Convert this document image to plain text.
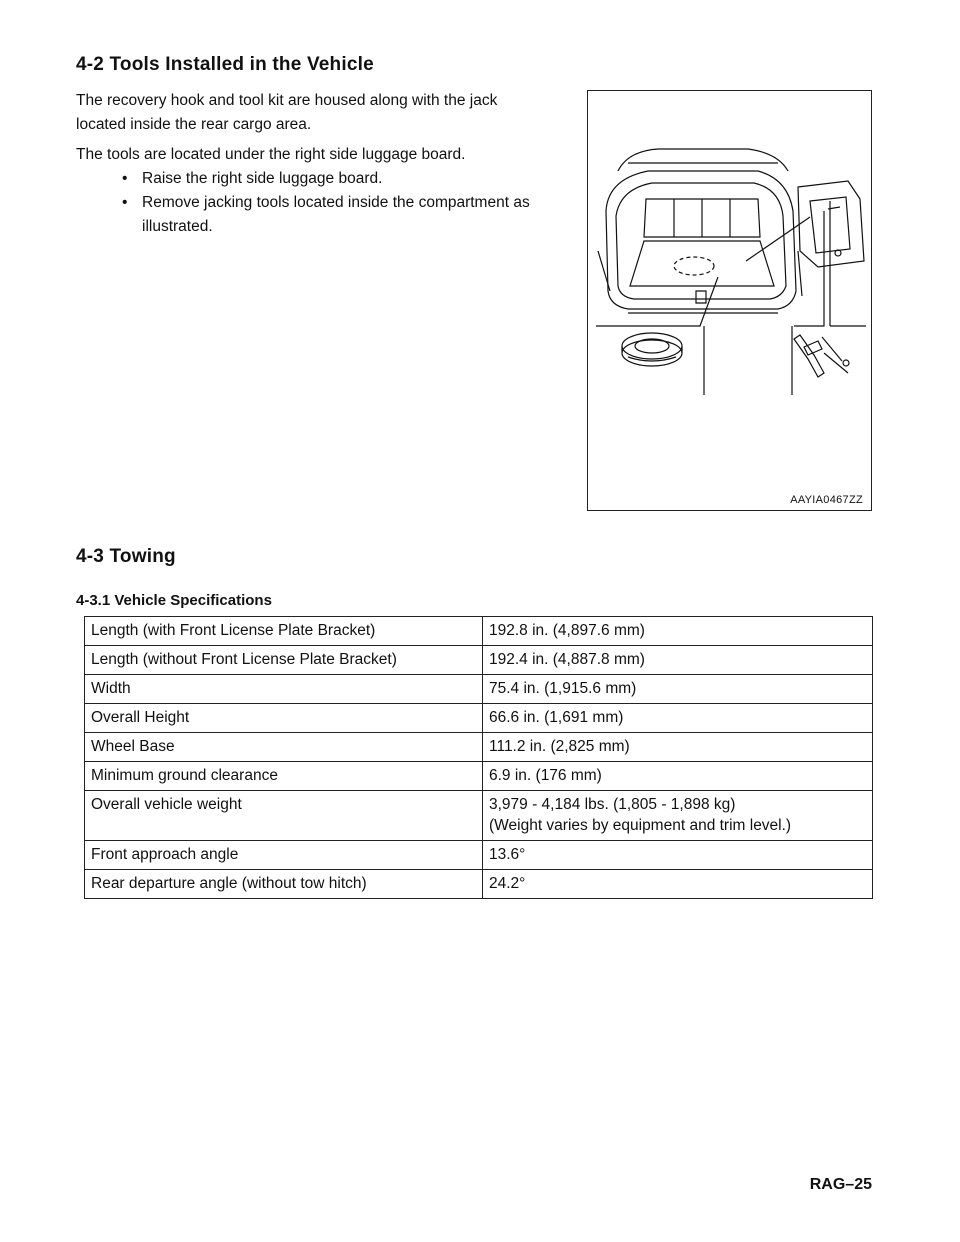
4-2 Tools Installed in the Vehicle

The recovery hook and tool kit are housed along with the jack located inside the rear cargo area.

The tools are located under the right side luggage board.

• Raise the right side luggage board.
• Remove jacking tools located inside the compartment as illustrated.
AAYIA0467ZZ
4-3 Towing
4-3.1 Vehicle Specifications
Length (with Front License Plate Bracket)	192.8 in. (4,897.6 mm)
Length (without Front License Plate Bracket)	192.4 in. (4,887.8 mm)
Width	75.4 in. (1,915.6 mm)
Overall Height	66.6 in. (1,691 mm)
Wheel Base	111.2 in. (2,825 mm)
Minimum ground clearance	6.9 in. (176 mm)
Overall vehicle weight	3,979 - 4,184 lbs. (1,805 - 1,898 kg)
(Weight varies by equipment and trim level.)

Front approach angle	13.6°
Rear departure angle (without tow hitch)	24.2°
RAG–25
